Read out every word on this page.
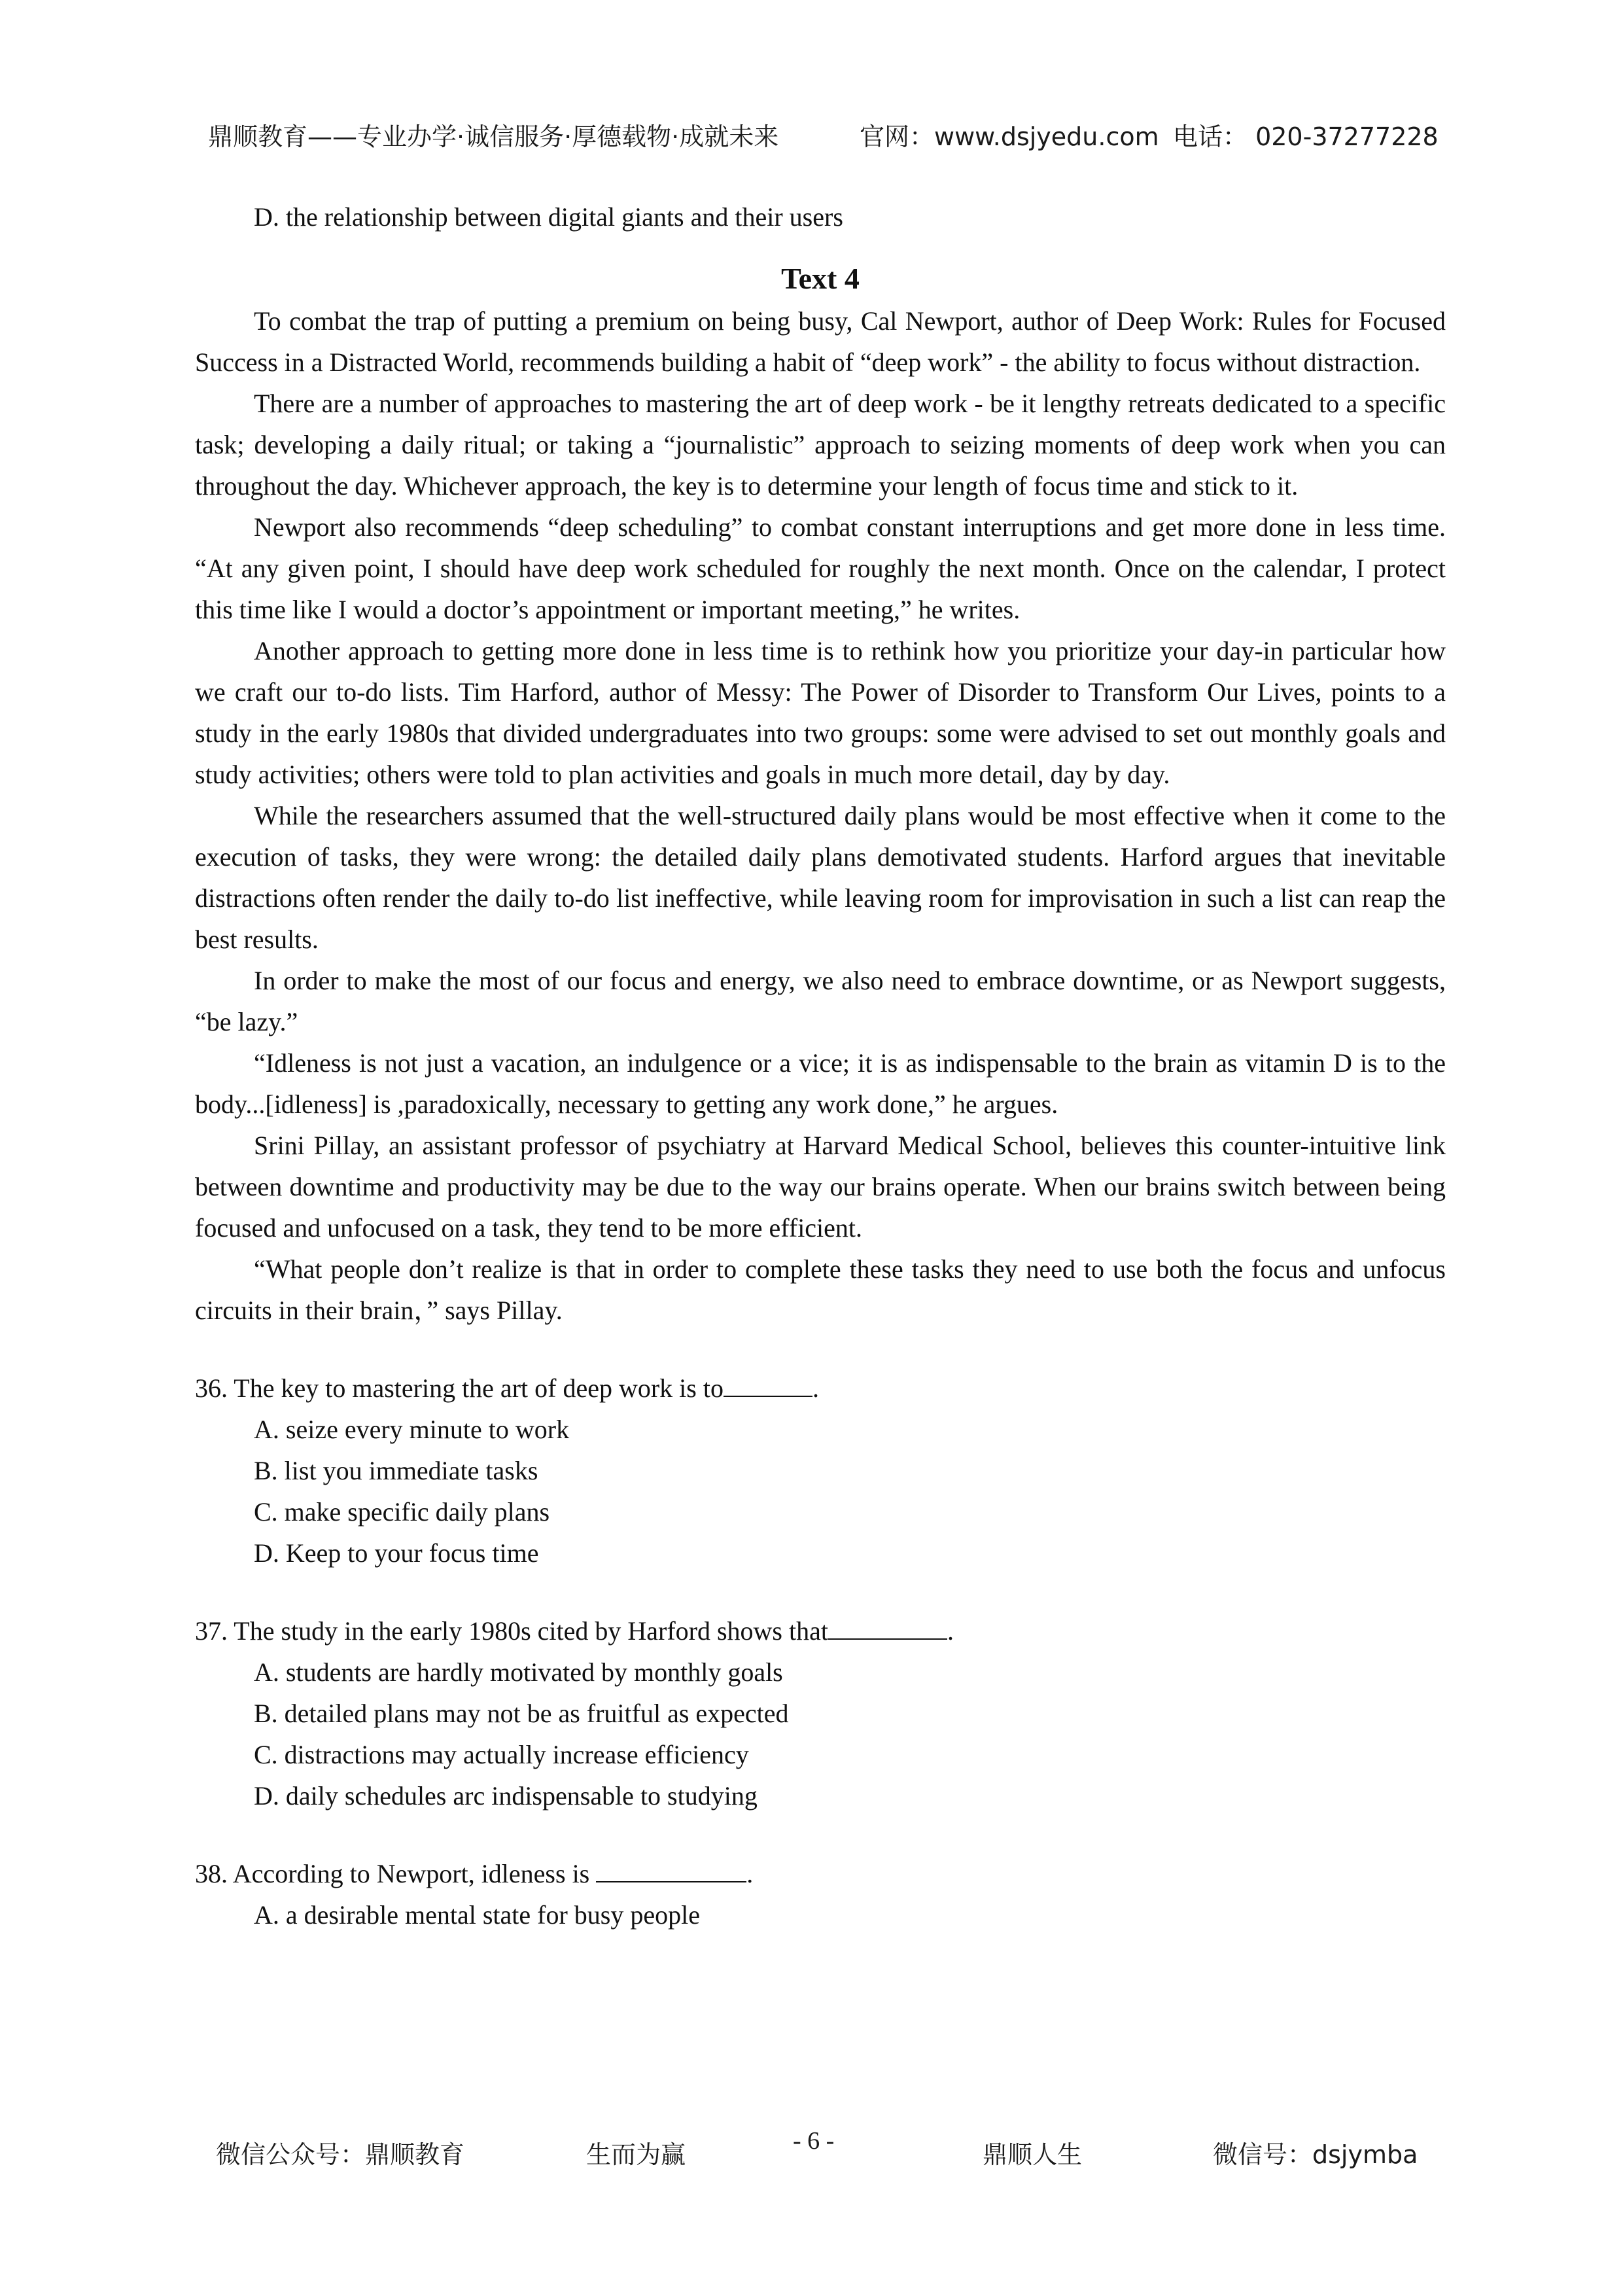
鼎顺教育——专业办学·诚信服务·厚德载物·成就未来	官网：www.dsjyedu.com 电话： 020-37277228
D. the relationship between digital giants and their users
Text 4

To combat the trap of putting a premium on being busy, Cal Newport, author of Deep Work: Rules for Focused Success in a Distracted World, recommends building a habit of “deep work” - the ability to focus without distraction.

There are a number of approaches to mastering the art of deep work - be it lengthy retreats dedicated to a specific task; developing a daily ritual; or taking a “journalistic” approach to seizing moments of deep work when you can throughout the day. Whichever approach, the key is to determine your length of focus time and stick to it.

Newport also recommends “deep scheduling” to combat constant interruptions and get more done in less time. “At any given point, I should have deep work scheduled for roughly the next month. Once on the calendar, I protect this time like I would a doctor’s appointment or important meeting,” he writes.

Another approach to getting more done in less time is to rethink how you prioritize your day-in particular how we craft our to-do lists. Tim Harford, author of Messy: The Power of Disorder to Transform Our Lives, points to a study in the early 1980s that divided undergraduates into two groups: some were advised to set out monthly goals and study activities; others were told to plan activities and goals in much more detail, day by day.

While the researchers assumed that the well-structured daily plans would be most effective when it come to the execution of tasks, they were wrong: the detailed daily plans demotivated students. Harford argues that inevitable distractions often render the daily to-do list ineffective, while leaving room for improvisation in such a list can reap the best results.

In order to make the most of our focus and energy, we also need to embrace downtime, or as Newport suggests, “be lazy.”

“Idleness is not just a vacation, an indulgence or a vice; it is as indispensable to the brain as vitamin D is to the body...[idleness] is ,paradoxically, necessary to getting any work done,” he argues.

Srini Pillay, an assistant professor of psychiatry at Harvard Medical School, believes this counter-intuitive link between downtime and productivity may be due to the way our brains operate. When our brains switch between being focused and unfocused on a task, they tend to be more efficient.

“What people don’t realize is that in order to complete these tasks they need to use both the focus and unfocus circuits in their brain，” says Pillay.

36. The key to mastering the art of deep work is to	.

A. seize every minute to work
B. list you immediate tasks
C. make specific daily plans
D. Keep to your focus time

37. The study in the early 1980s cited by Harford shows that	.

A. students are hardly motivated by monthly goals
B. detailed plans may not be as fruitful as expected
C. distractions may actually increase efficiency
D. daily schedules arc indispensable to studying

38. According to Newport, idleness is	.

A. a desirable mental state for busy people
微信公众号：鼎顺教育	生而为赢	- 6 -	鼎顺人生	微信号：dsjymba
